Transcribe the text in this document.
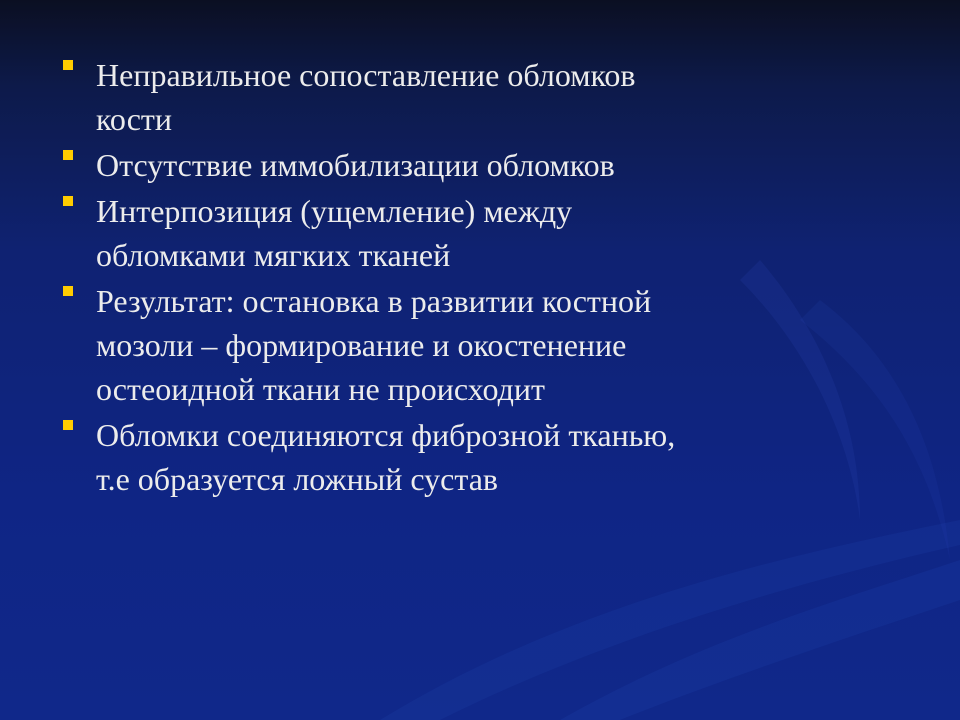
Неправильное сопоставление обломков
кости
Отсутствие иммобилизации обломков
Интерпозиция (ущемление) между
обломками мягких тканей
Результат: остановка в развитии костной
мозоли – формирование и окостенение
остеоидной ткани не происходит
Обломки соединяются фиброзной тканью,
т.е образуется ложный сустав
